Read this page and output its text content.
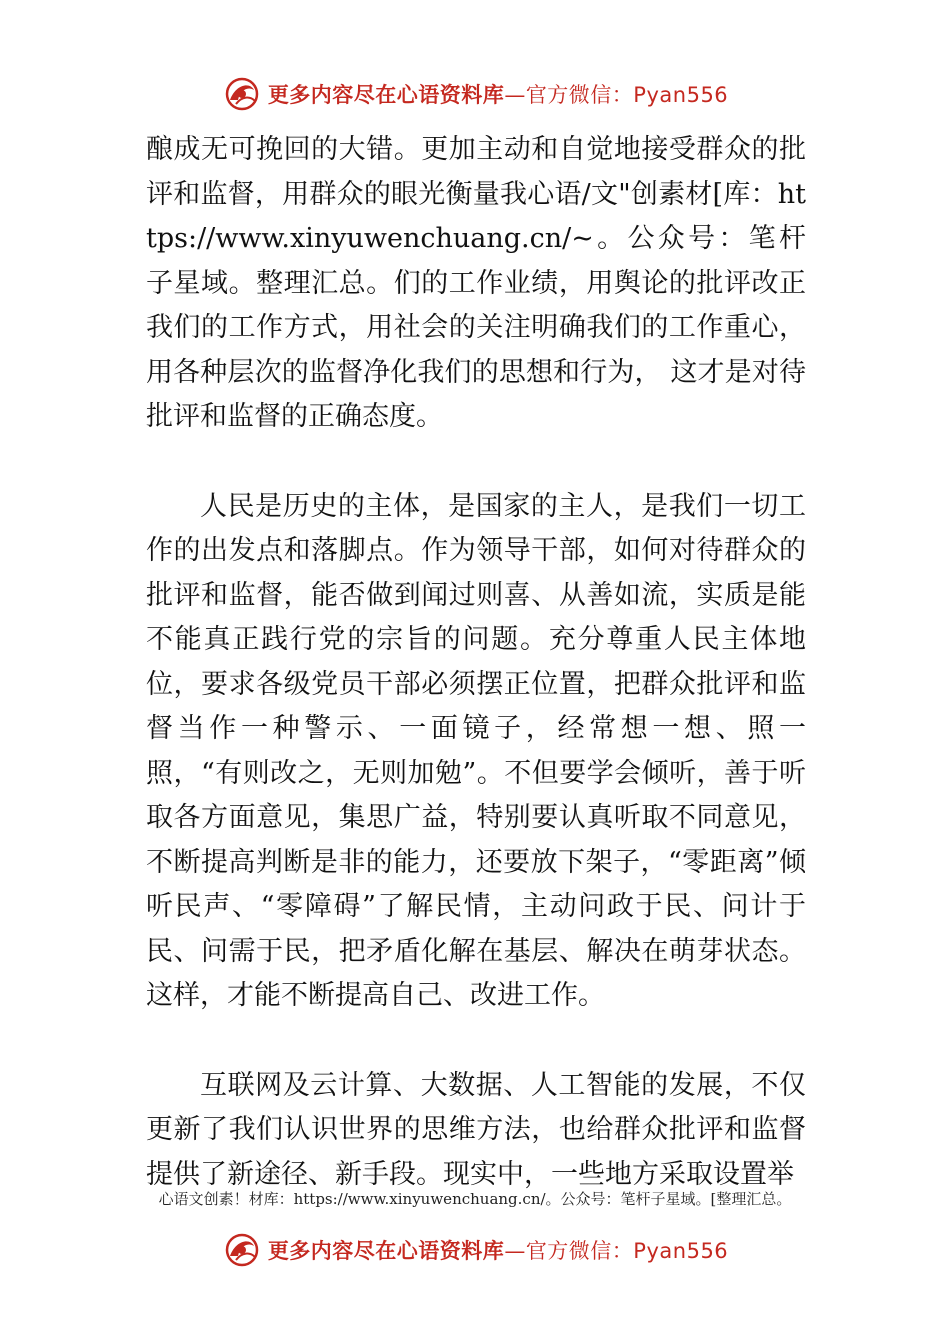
更多内容尽在心语资料库—官方微信：Pyan556

酿成无可挽回的大错。更加主动和自觉地接受群众的批评和监督，用群众的眼光衡量我心语/文"创素材[库：https://www.xinyuwenchuang.cn/~。公众号：笔杆子星域。整理汇总。们的工作业绩，用舆论的批评改正我们的工作方式，用社会的关注明确我们的工作重心，用各种层次的监督净化我们的思想和行为， 这才是对待批评和监督的正确态度。

人民是历史的主体，是国家的主人，是我们一切工作的出发点和落脚点。作为领导干部，如何对待群众的批评和监督，能否做到闻过则喜、从善如流，实质是能不能真正践行党的宗旨的问题。充分尊重人民主体地位，要求各级党员干部必须摆正位置，把群众批评和监督当作一种警示、一面镜子，经常想一想、照一照，“有则改之，无则加勉”。不但要学会倾听，善于听取各方面意见，集思广益，特别要认真听取不同意见，不断提高判断是非的能力，还要放下架子，“零距离”倾听民声、“零障碍”了解民情，主动问政于民、问计于民、问需于民，把矛盾化解在基层、解决在萌芽状态。这样，才能不断提高自己、改进工作。

互联网及云计算、大数据、人工智能的发展，不仅更新了我们认识世界的思维方法，也给群众批评和监督提供了新途径、新手段。现实中，一些地方采取设置举

心语文创素！材库：https://www.xinyuwenchuang.cn/。公众号：笔杆子星域。[整理汇总。
更多内容尽在心语资料库—官方微信：Pyan556
